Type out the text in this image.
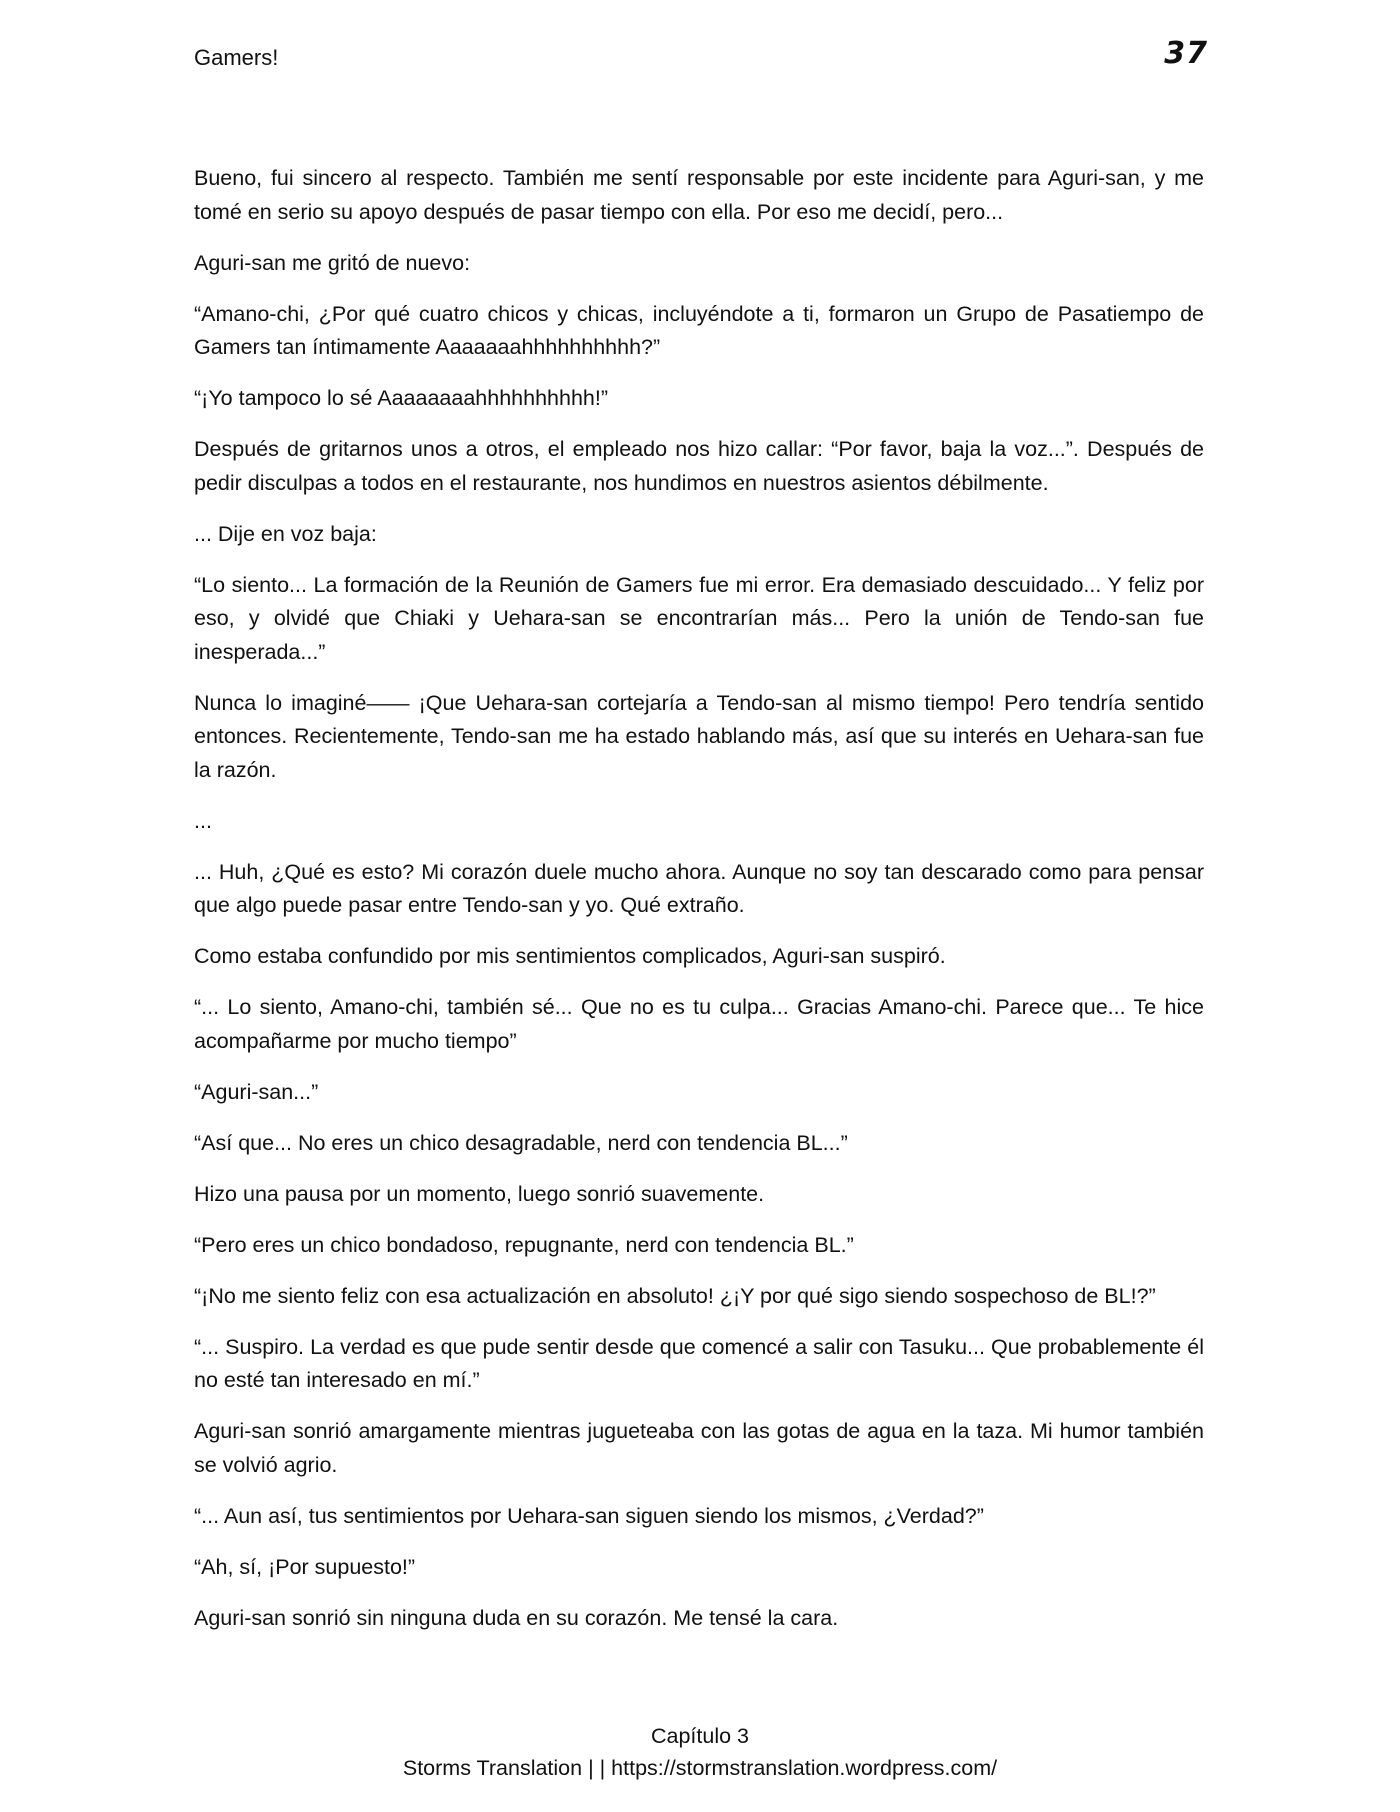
Gamers!	37

Bueno, fui sincero al respecto. También me sentí responsable por este incidente para Aguri-san, y me tomé en serio su apoyo después de pasar tiempo con ella. Por eso me decidí, pero...

Aguri-san me gritó de nuevo:

“Amano-chi, ¿Por qué cuatro chicos y chicas, incluyéndote a ti, formaron un Grupo de Pasatiempo de Gamers tan íntimamente Aaaaaaahhhhhhhhhh?”

“¡Yo tampoco lo sé Aaaaaaaahhhhhhhhhh!”

Después de gritarnos unos a otros, el empleado nos hizo callar: “Por favor, baja la voz...”. Después de pedir disculpas a todos en el restaurante, nos hundimos en nuestros asientos débilmente.

... Dije en voz baja:

“Lo siento... La formación de la Reunión de Gamers fue mi error. Era demasiado descuidado... Y feliz por eso, y olvidé que Chiaki y Uehara-san se encontrarían más... Pero la unión de Tendo-san fue inesperada...”

Nunca lo imaginé—— ¡Que Uehara-san cortejaría a Tendo-san al mismo tiempo! Pero tendría sentido entonces. Recientemente, Tendo-san me ha estado hablando más, así que su interés en Uehara-san fue la razón.

...

... Huh, ¿Qué es esto? Mi corazón duele mucho ahora. Aunque no soy tan descarado como para pensar que algo puede pasar entre Tendo-san y yo. Qué extraño.

Como estaba confundido por mis sentimientos complicados, Aguri-san suspiró.

“... Lo siento, Amano-chi, también sé... Que no es tu culpa... Gracias Amano-chi. Parece que... Te hice acompañarme por mucho tiempo”

“Aguri-san...”

“Así que... No eres un chico desagradable, nerd con tendencia BL...”

Hizo una pausa por un momento, luego sonrió suavemente.

“Pero eres un chico bondadoso, repugnante, nerd con tendencia BL.”

“¡No me siento feliz con esa actualización en absoluto! ¿¡Y por qué sigo siendo sospechoso de BL!?”

“... Suspiro. La verdad es que pude sentir desde que comencé a salir con Tasuku... Que probablemente él no esté tan interesado en mí.”

Aguri-san sonrió amargamente mientras jugueteaba con las gotas de agua en la taza. Mi humor también se volvió agrio.

“... Aun así, tus sentimientos por Uehara-san siguen siendo los mismos, ¿Verdad?”

“Ah, sí, ¡Por supuesto!”

Aguri-san sonrió sin ninguna duda en su corazón. Me tensé la cara.

Capítulo 3
Storms Translation | | https://stormstranslation.wordpress.com/
